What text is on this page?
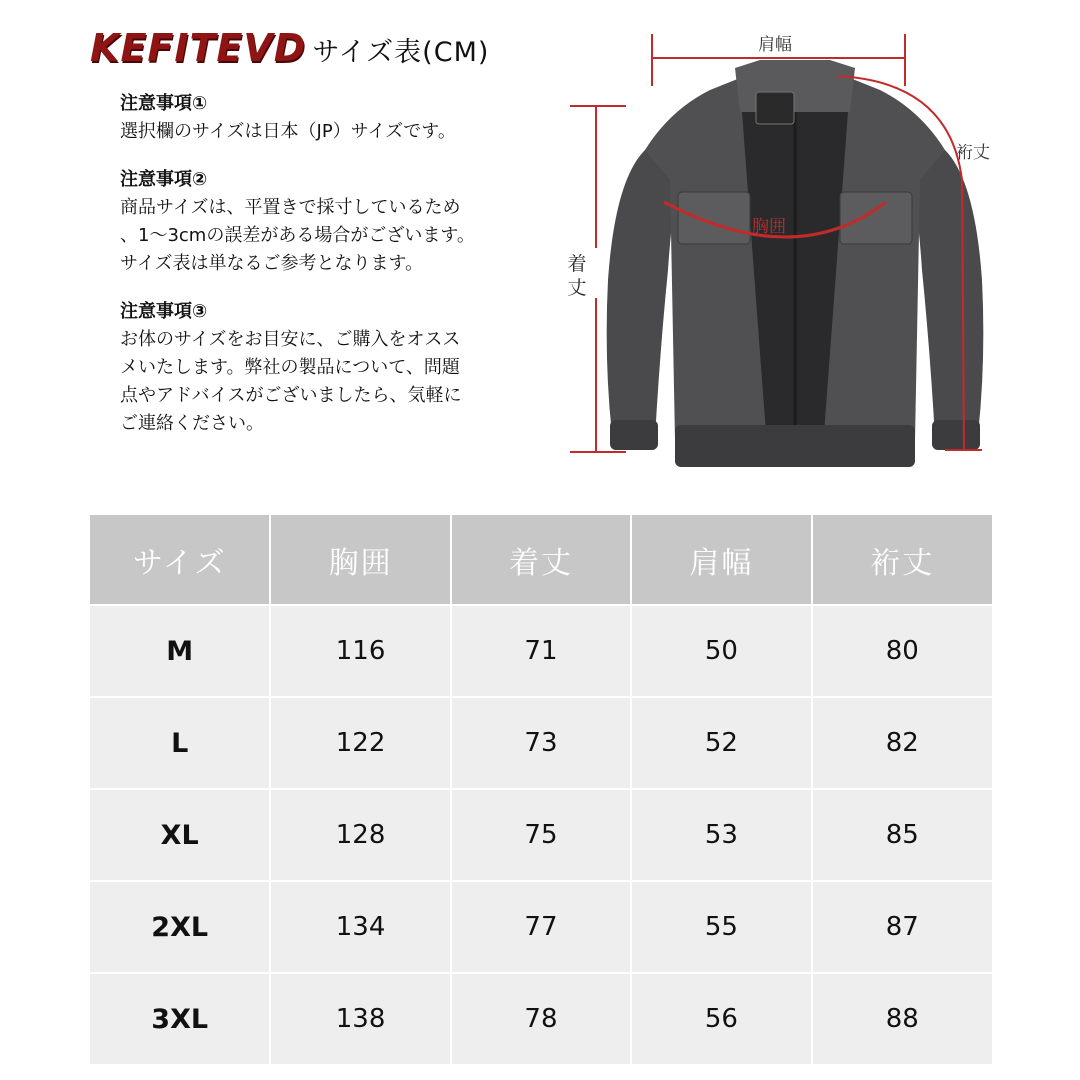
KEFITEVD サイズ表(CM)
注意事項①
選択欄のサイズは日本（JP）サイズです。
注意事項②
商品サイズは、平置きで採寸しているため
、1～3cmの誤差がある場合がございます。
サイズ表は単なるご参考となります。
注意事項③
お体のサイズをお目安に、ご購入をオスス
メいたします。弊社の製品について、問題
点やアドバイスがございましたら、気軽に
ご連絡ください。
肩幅
裄丈
胸囲
着
丈
サイズ	胸囲	着丈	肩幅	裄丈
M	116	71	50	80
L	122	73	52	82
XL	128	75	53	85
2XL	134	77	55	87
3XL	138	78	56	88
